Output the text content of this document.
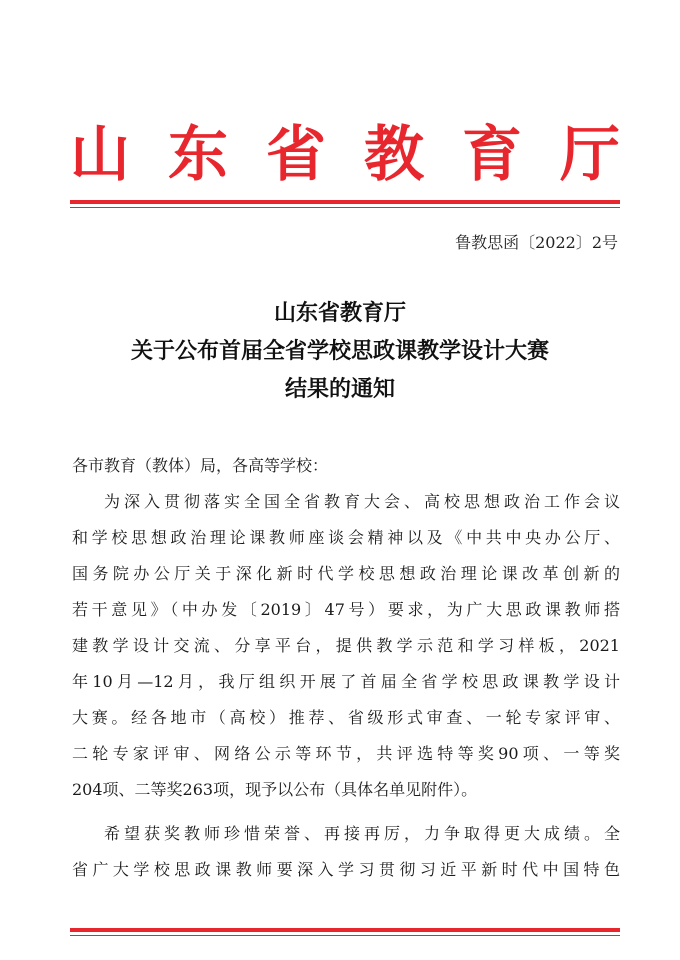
山 东 省 教 育 厅
鲁教思函〔2022〕2号
山东省教育厅
关于公布首届全省学校思政课教学设计大赛
结果的通知
各市教育（教体）局，各高等学校：
为深入贯彻落实全国全省教育大会、高校思想政治工作会议
和学校思想政治理论课教师座谈会精神以及《中共中央办公厅、
国务院办公厅关于深化新时代学校思想政治理论课改革创新的
若干意见》（中办发〔2019〕47号）要求，为广大思政课教师搭
建教学设计交流、分享平台，提供教学示范和学习样板，2021
年10月—12月，我厅组织开展了首届全省学校思政课教学设计
大赛。经各地市（高校）推荐、省级形式审查、一轮专家评审、
二轮专家评审、网络公示等环节，共评选特等奖90项、一等奖
204项、二等奖263项，现予以公布（具体名单见附件）。
希望获奖教师珍惜荣誉、再接再厉，力争取得更大成绩。全
省广大学校思政课教师要深入学习贯彻习近平新时代中国特色
